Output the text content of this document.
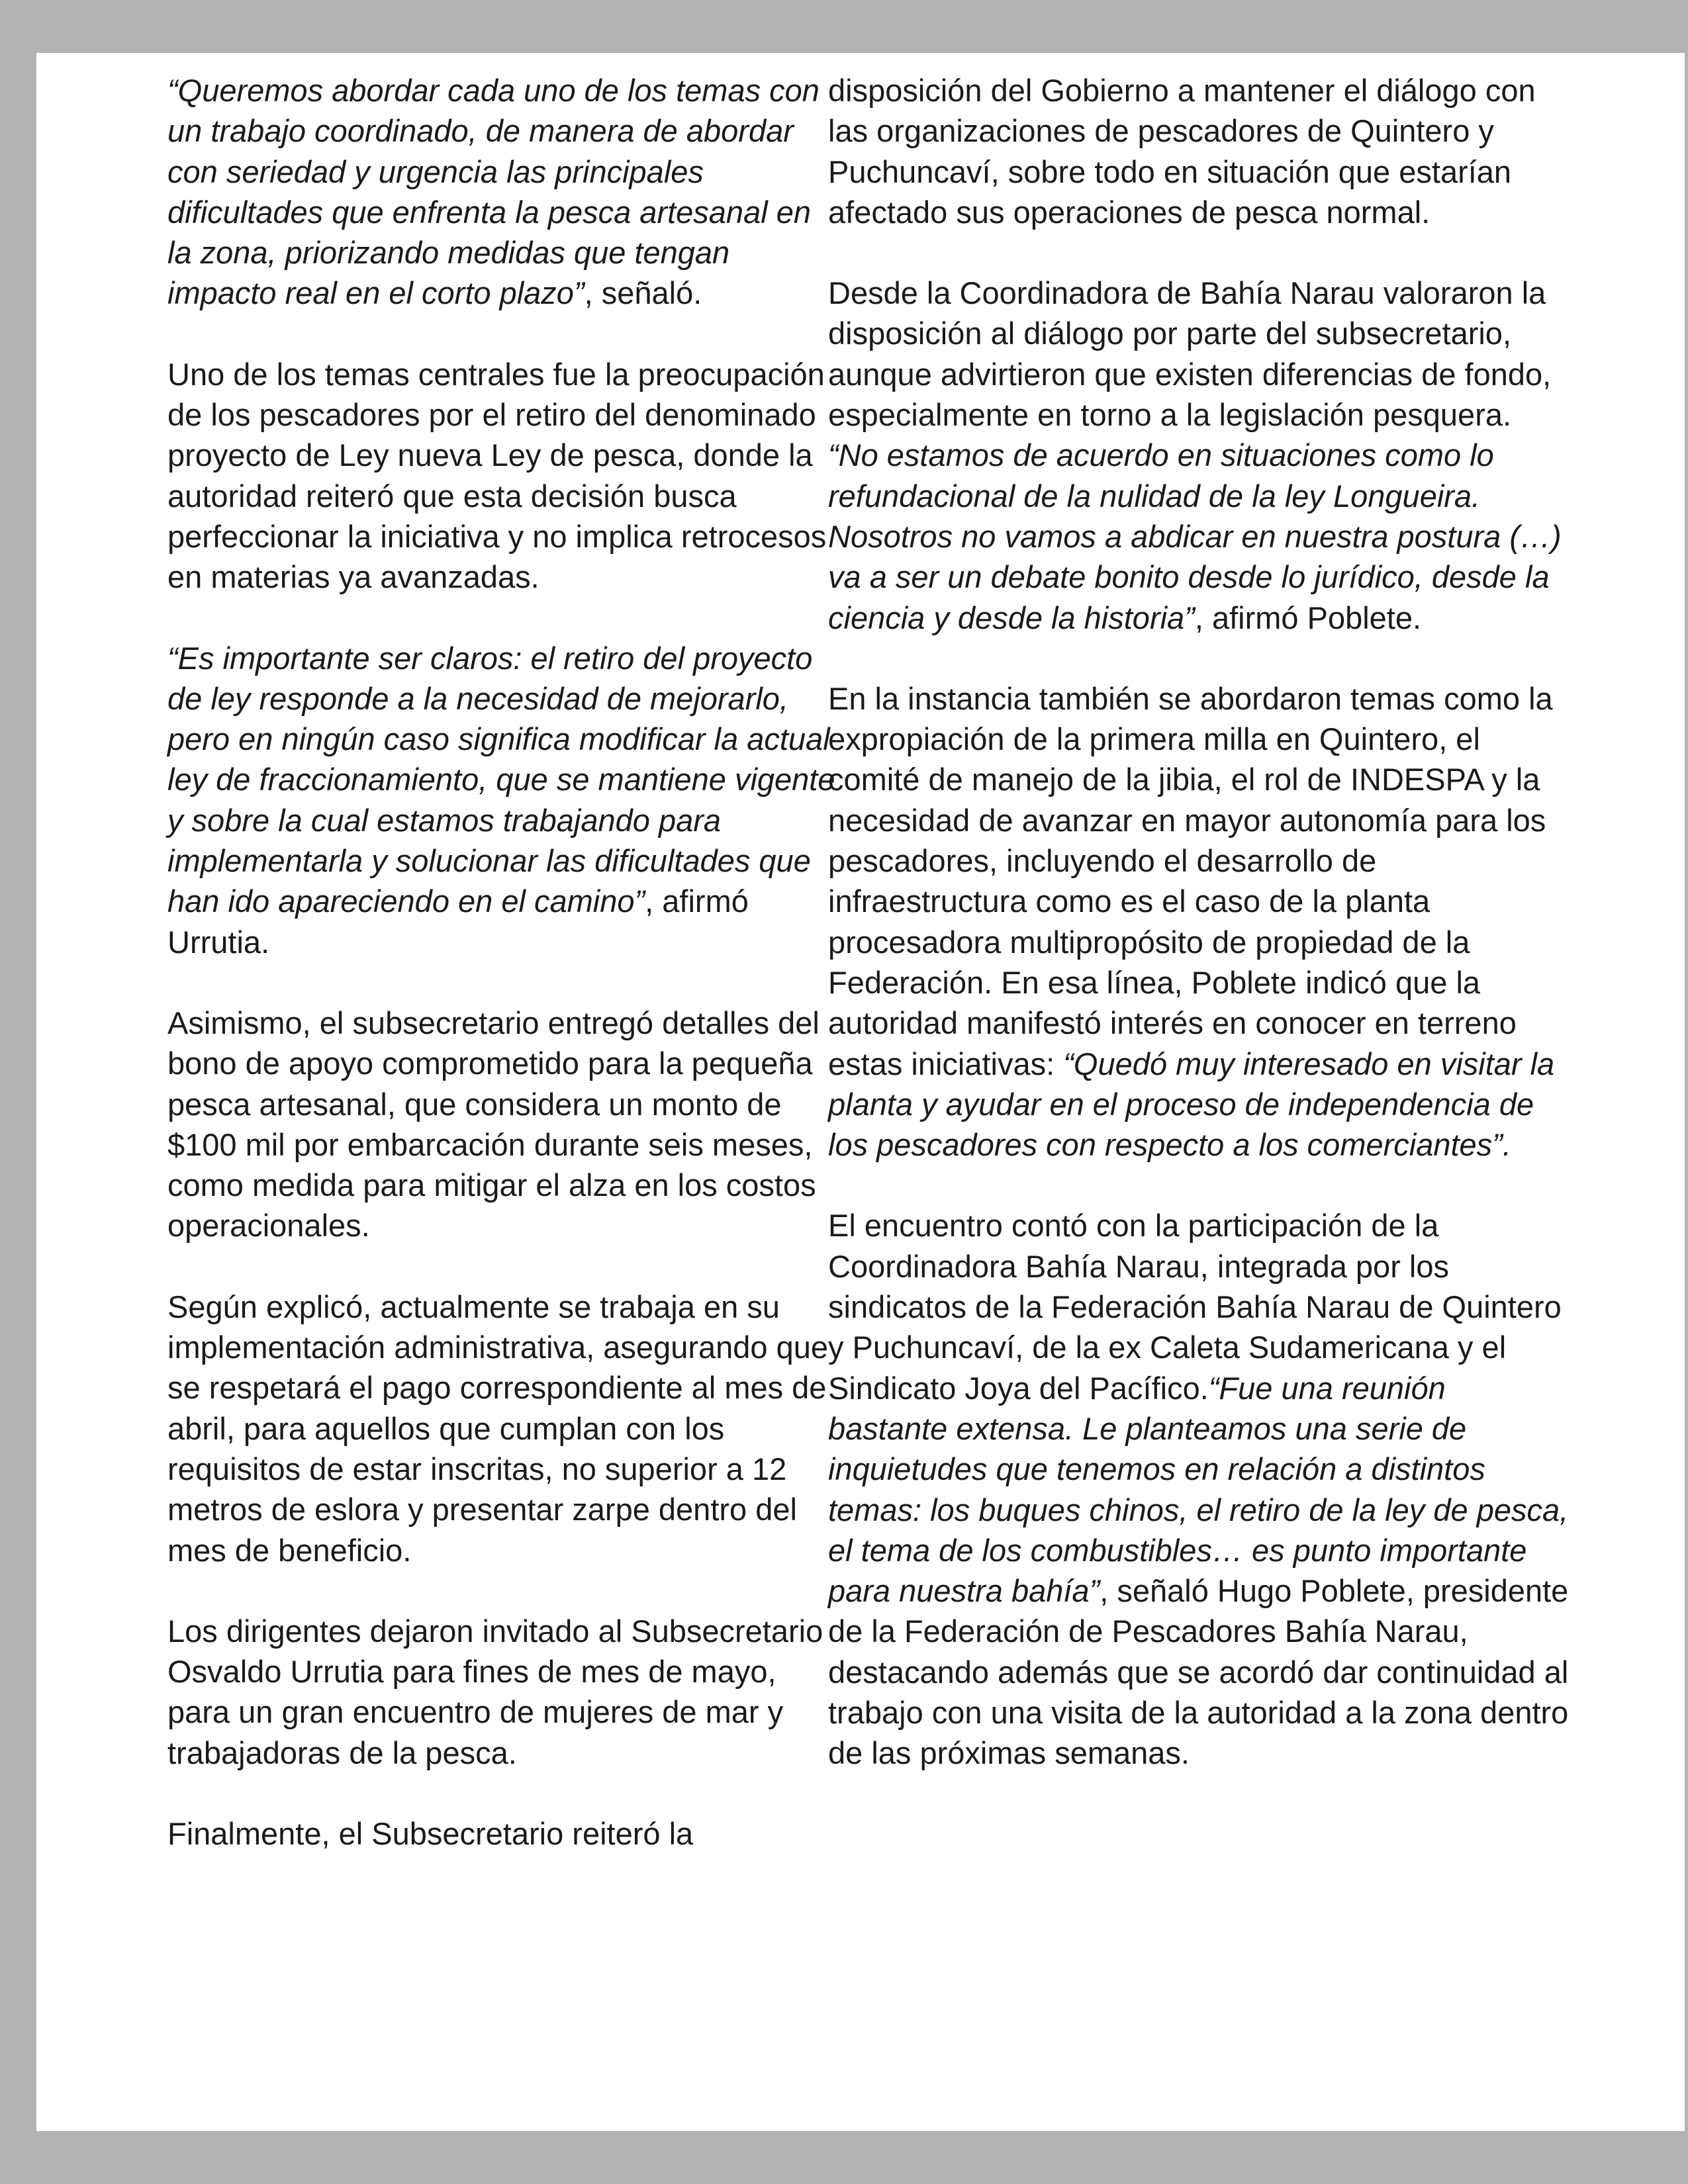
“Queremos abordar cada uno de los temas con un trabajo coordinado, de manera de abordar con seriedad y urgencia las principales dificultades que enfrenta la pesca artesanal en la zona, priorizando medidas que tengan impacto real en el corto plazo”, señaló.

Uno de los temas centrales fue la preocupación de los pescadores por el retiro del denominado proyecto de Ley nueva Ley de pesca, donde la autoridad reiteró que esta decisión busca perfeccionar la iniciativa y no implica retrocesos en materias ya avanzadas.

“Es importante ser claros: el retiro del proyecto de ley responde a la necesidad de mejorarlo, pero en ningún caso significa modificar la actual ley de fraccionamiento, que se mantiene vigente y sobre la cual estamos trabajando para implementarla y solucionar las dificultades que han ido apareciendo en el camino”, afirmó Urrutia.

Asimismo, el subsecretario entregó detalles del bono de apoyo comprometido para la pequeña pesca artesanal, que considera un monto de $100 mil por embarcación durante seis meses, como medida para mitigar el alza en los costos operacionales.

Según explicó, actualmente se trabaja en su implementación administrativa, asegurando que se respetará el pago correspondiente al mes de abril, para aquellos que cumplan con los requisitos de estar inscritas, no superior a 12 metros de eslora y presentar zarpe dentro del mes de beneficio.

Los dirigentes dejaron invitado al Subsecretario Osvaldo Urrutia para fines de mes de mayo, para un gran encuentro de mujeres de mar y trabajadoras de la pesca.

Finalmente, el Subsecretario reiteró la

disposición del Gobierno a mantener el diálogo con las organizaciones de pescadores de Quintero y Puchuncaví, sobre todo en situación que estarían afectado sus operaciones de pesca normal.

Desde la Coordinadora de Bahía Narau valoraron la disposición al diálogo por parte del subsecretario, aunque advirtieron que existen diferencias de fondo, especialmente en torno a la legislación pesquera. “No estamos de acuerdo en situaciones como lo refundacional de la nulidad de la ley Longueira. Nosotros no vamos a abdicar en nuestra postura (…) va a ser un debate bonito desde lo jurídico, desde la ciencia y desde la historia”, afirmó Poblete.

En la instancia también se abordaron temas como la expropiación de la primera milla en Quintero, el comité de manejo de la jibia, el rol de INDESPA y la necesidad de avanzar en mayor autonomía para los pescadores, incluyendo el desarrollo de infraestructura como es el caso de la planta procesadora multipropósito de propiedad de la Federación. En esa línea, Poblete indicó que la autoridad manifestó interés en conocer en terreno estas iniciativas: “Quedó muy interesado en visitar la planta y ayudar en el proceso de independencia de los pescadores con respecto a los comerciantes”.

El encuentro contó con la participación de la Coordinadora Bahía Narau, integrada por los sindicatos de la Federación Bahía Narau de Quintero y Puchuncaví, de la ex Caleta Sudamericana y el Sindicato Joya del Pacífico.“Fue una reunión bastante extensa. Le planteamos una serie de inquietudes que tenemos en relación a distintos temas: los buques chinos, el retiro de la ley de pesca, el tema de los combustibles… es punto importante para nuestra bahía”, señaló Hugo Poblete, presidente de la Federación de Pescadores Bahía Narau, destacando además que se acordó dar continuidad al trabajo con una visita de la autoridad a la zona dentro de las próximas semanas.
